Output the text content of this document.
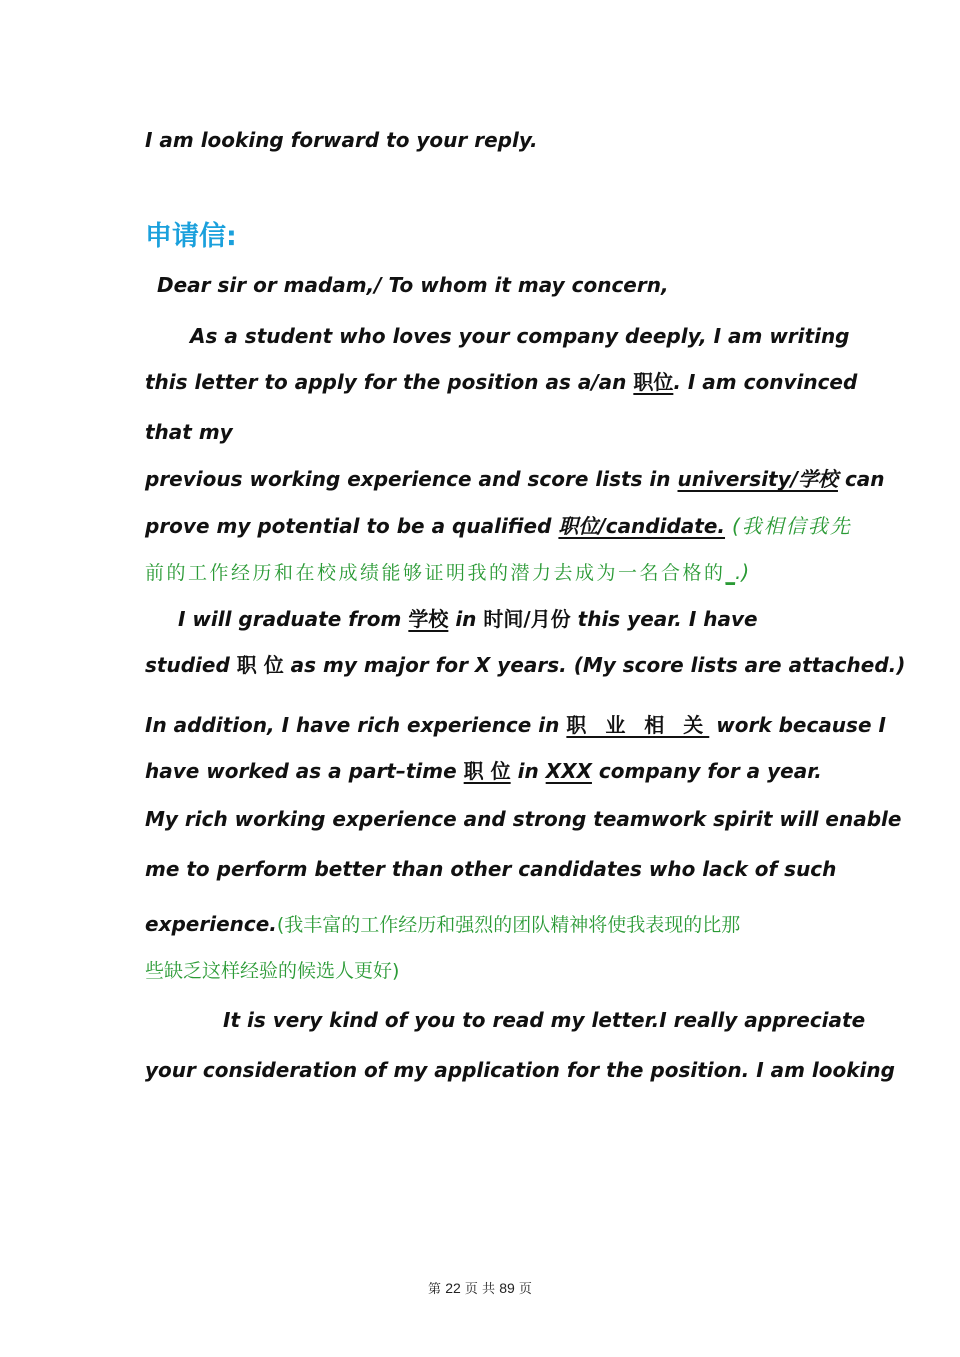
I am looking forward to your reply.
申请信:
Dear sir or madam,/ To whom it may concern,
As a student who loves your company deeply, I am writing
this letter to apply for the position as a/an 职位. I am convinced
that my
previous working experience and score lists in university/学校 can
prove my potential to be a qualified 职位/candidate. (我相信我先
前的工作经历和在校成绩能够证明我的潜力去成为一名合格的_.)
I will graduate from 学校 in 时间/月份 this year. I have
studied 职 位 as my major for X years. (My score lists are attached.)
In addition, I have rich experience in 职 业 相 关 work because I
have worked as a part–time 职 位 in XXX company for a year.
My rich working experience and strong teamwork spirit will enable
me to perform better than other candidates who lack of such
experience.(我丰富的工作经历和强烈的团队精神将使我表现的比那
些缺乏这样经验的候选人更好)
It is very kind of you to read my letter.I really appreciate
your consideration of my application for the position. I am looking
第 22 页 共 89 页
